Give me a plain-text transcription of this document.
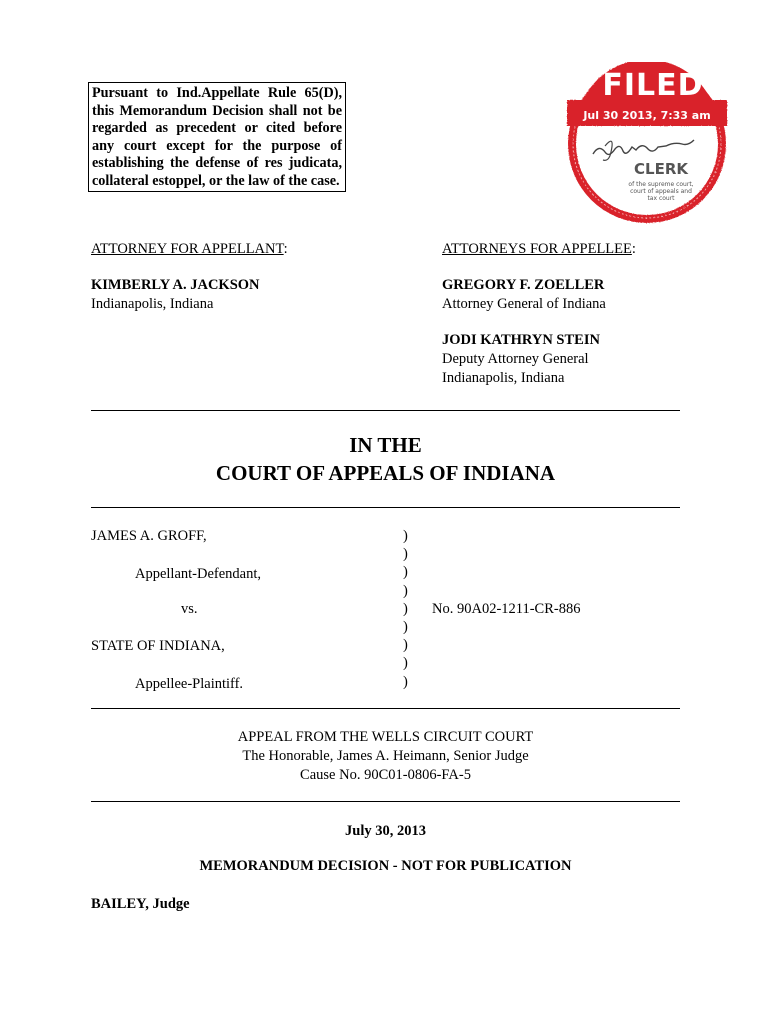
Pursuant to Ind.Appellate Rule 65(D),
this Memorandum Decision shall not be
regarded as precedent or cited before
any court except for the purpose of
establishing the defense of res judicata,
collateral estoppel, or the law of the case.
FILED
Jul 30 2013, 7:33 am
CLERK
of the supreme court,
court of appeals and
tax court
ATTORNEY FOR APPELLANT:	ATTORNEYS FOR APPELLEE:
KIMBERLY A. JACKSON
Indianapolis, Indiana
GREGORY F. ZOELLER
Attorney General of Indiana
JODI KATHRYN STEIN
Deputy Attorney General
Indianapolis, Indiana
IN THE
COURT OF APPEALS OF INDIANA
JAMES A. GROFF,
Appellant-Defendant,
vs.
STATE OF INDIANA,
Appellee-Plaintiff.
)
)
)
)
)
)
)
)
)
No. 90A02-1211-CR-886
APPEAL FROM THE WELLS CIRCUIT COURT
The Honorable, James A. Heimann, Senior Judge
Cause No. 90C01-0806-FA-5
July 30, 2013
MEMORANDUM DECISION - NOT FOR PUBLICATION
BAILEY, Judge
